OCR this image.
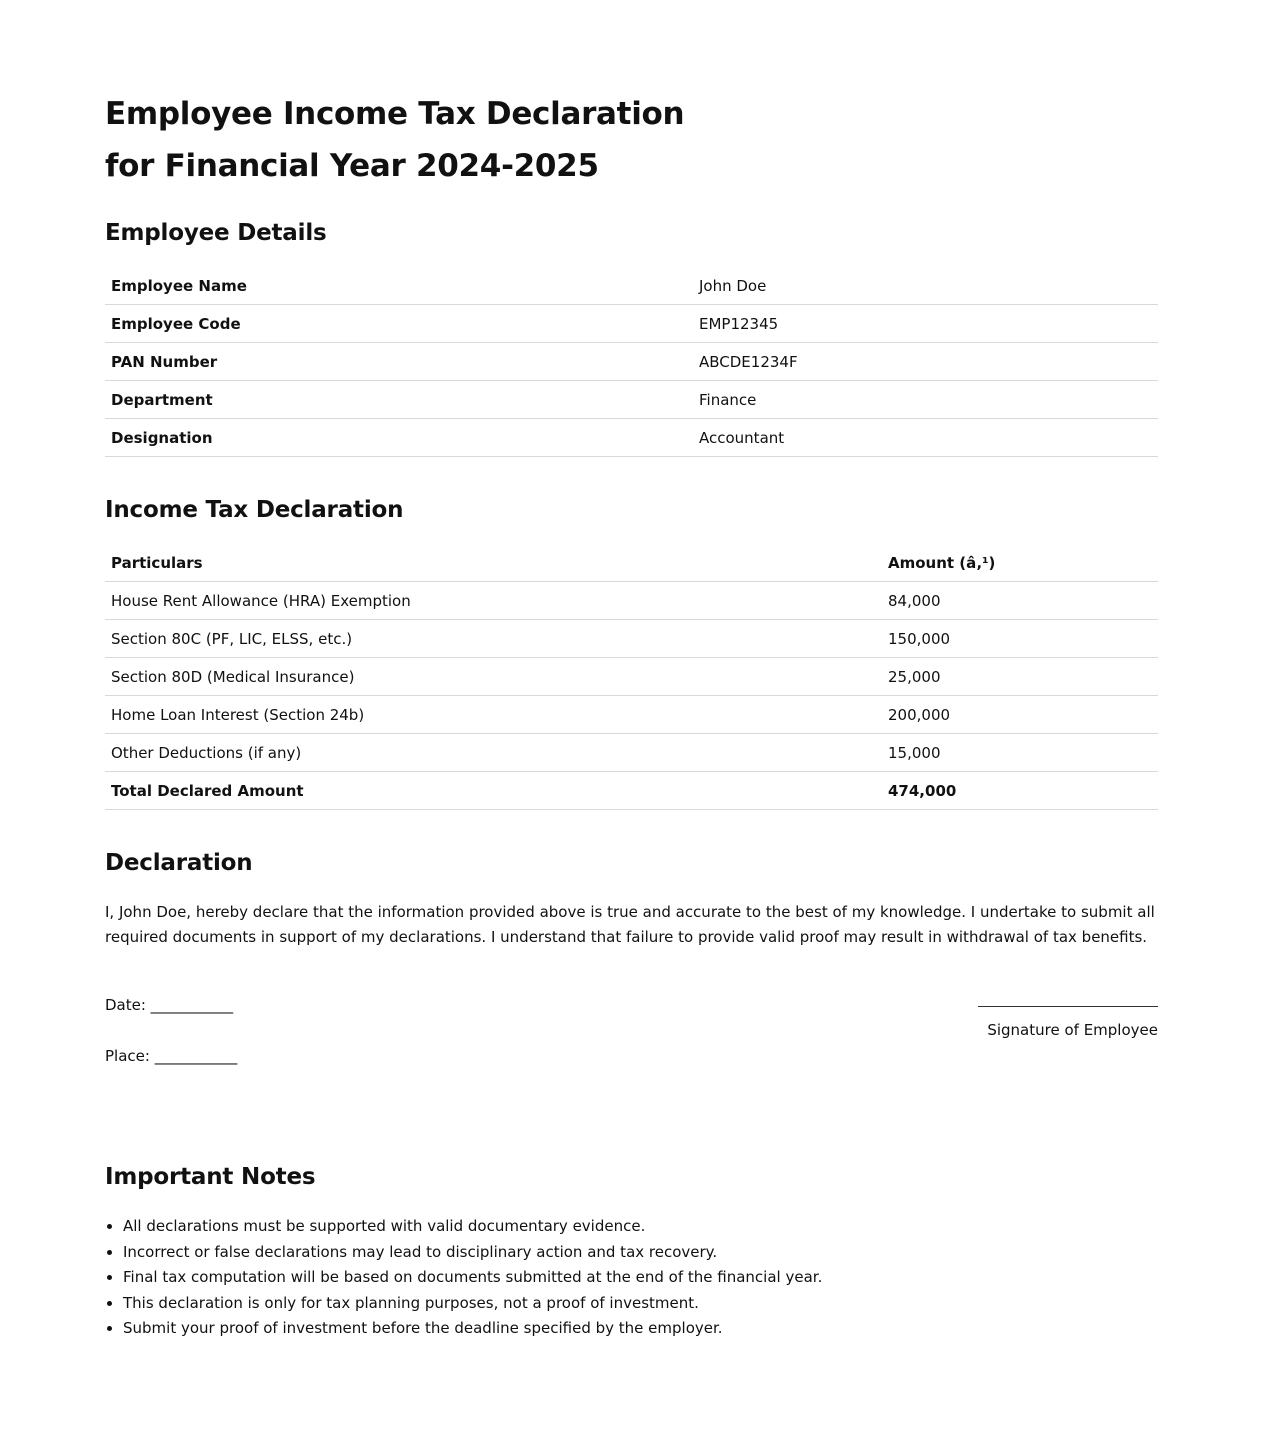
Employee Income Tax Declaration
for Financial Year 2024-2025
Employee Details
Employee Name	John Doe
Employee Code	EMP12345
PAN Number	ABCDE1234F
Department	Finance
Designation	Accountant
Income Tax Declaration
Particulars	Amount (â‚¹)
House Rent Allowance (HRA) Exemption	84,000
Section 80C (PF, LIC, ELSS, etc.)	150,000
Section 80D (Medical Insurance)	25,000
Home Loan Interest (Section 24b)	200,000
Other Deductions (if any)	15,000
Total Declared Amount	474,000
Declaration
I, John Doe, hereby declare that the information provided above is true and accurate to the best of my knowledge. I undertake to submit all required documents in support of my declarations. I understand that failure to provide valid proof may result in withdrawal of tax benefits.
Date: ___________
Place: ___________
Signature of Employee
Important Notes
• All declarations must be supported with valid documentary evidence.
• Incorrect or false declarations may lead to disciplinary action and tax recovery.
• Final tax computation will be based on documents submitted at the end of the financial year.
• This declaration is only for tax planning purposes, not a proof of investment.
• Submit your proof of investment before the deadline specified by the employer.
